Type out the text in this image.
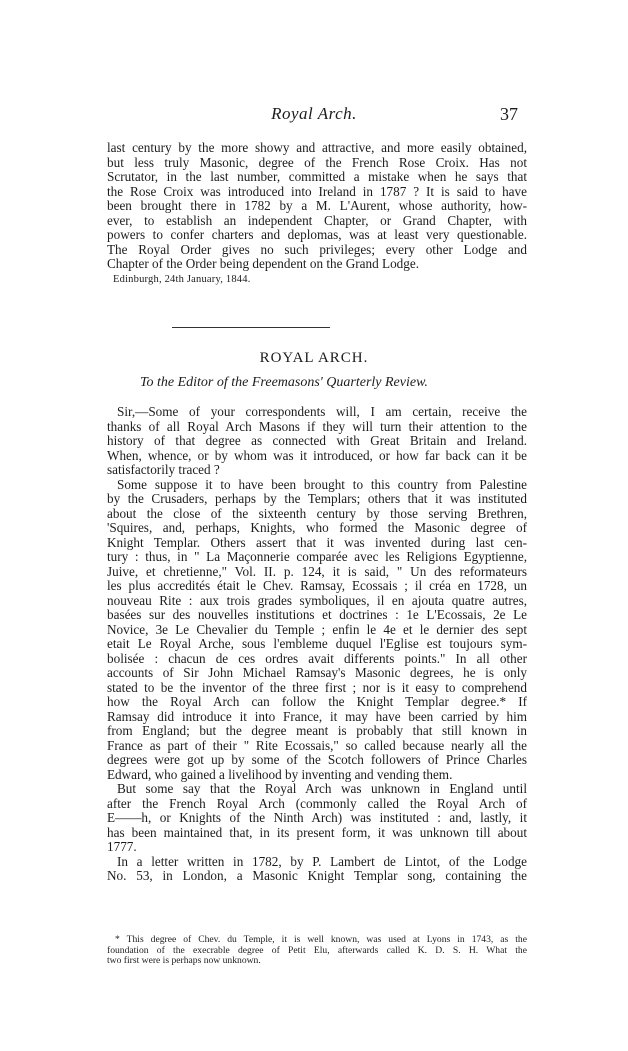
Royal Arch.	37

last century by the more showy and attractive, and more easily obtained,

but less truly Masonic, degree of the French Rose Croix. Has not

Scrutator, in the last number, committed a mistake when he says that

the Rose Croix was introduced into Ireland in 1787 ? It is said to have

been brought there in 1782 by a M. L'Aurent, whose authority, how-

ever, to establish an independent Chapter, or Grand Chapter, with

powers to confer charters and deplomas, was at least very questionable.

The Royal Order gives no such privileges; every other Lodge and

Chapter of the Order being dependent on the Grand Lodge.

Edinburgh, 24th January, 1844.
ROYAL ARCH.
To the Editor of the Freemasons' Quarterly Review.

Sir,—Some of your correspondents will, I am certain, receive the

thanks of all Royal Arch Masons if they will turn their attention to the

history of that degree as connected with Great Britain and Ireland.

When, whence, or by whom was it introduced, or how far back can it be

satisfactorily traced ?

Some suppose it to have been brought to this country from Palestine

by the Crusaders, perhaps by the Templars; others that it was instituted

about the close of the sixteenth century by those serving Brethren,

'Squires, and, perhaps, Knights, who formed the Masonic degree of

Knight Templar. Others assert that it was invented during last cen-

tury : thus, in " La Maçonnerie comparée avec les Religions Egyptienne,

Juive, et chretienne," Vol. II. p. 124, it is said, " Un des reformateurs

les plus accredités était le Chev. Ramsay, Ecossais ; il créa en 1728, un

nouveau Rite : aux trois grades symboliques, il en ajouta quatre autres,

basées sur des nouvelles institutions et doctrines : 1e L'Ecossais, 2e Le

Novice, 3e Le Chevalier du Temple ; enfin le 4e et le dernier des sept

etait Le Royal Arche, sous l'embleme duquel l'Eglise est toujours sym-

bolisée : chacun de ces ordres avait differents points." In all other

accounts of Sir John Michael Ramsay's Masonic degrees, he is only

stated to be the inventor of the three first ; nor is it easy to comprehend

how the Royal Arch can follow the Knight Templar degree.* If

Ramsay did introduce it into France, it may have been carried by him

from England; but the degree meant is probably that still known in

France as part of their " Rite Ecossais," so called because nearly all the

degrees were got up by some of the Scotch followers of Prince Charles

Edward, who gained a livelihood by inventing and vending them.

But some say that the Royal Arch was unknown in England until

after the French Royal Arch (commonly called the Royal Arch of

E——h, or Knights of the Ninth Arch) was instituted : and, lastly, it

has been maintained that, in its present form, it was unknown till about

1777.

In a letter written in 1782, by P. Lambert de Lintot, of the Lodge

No. 53, in London, a Masonic Knight Templar song, containing the

* This degree of Chev. du Temple, it is well known, was used at Lyons in 1743, as the

foundation of the execrable degree of Petit Elu, afterwards called K. D. S. H. What the

two first were is perhaps now unknown.
